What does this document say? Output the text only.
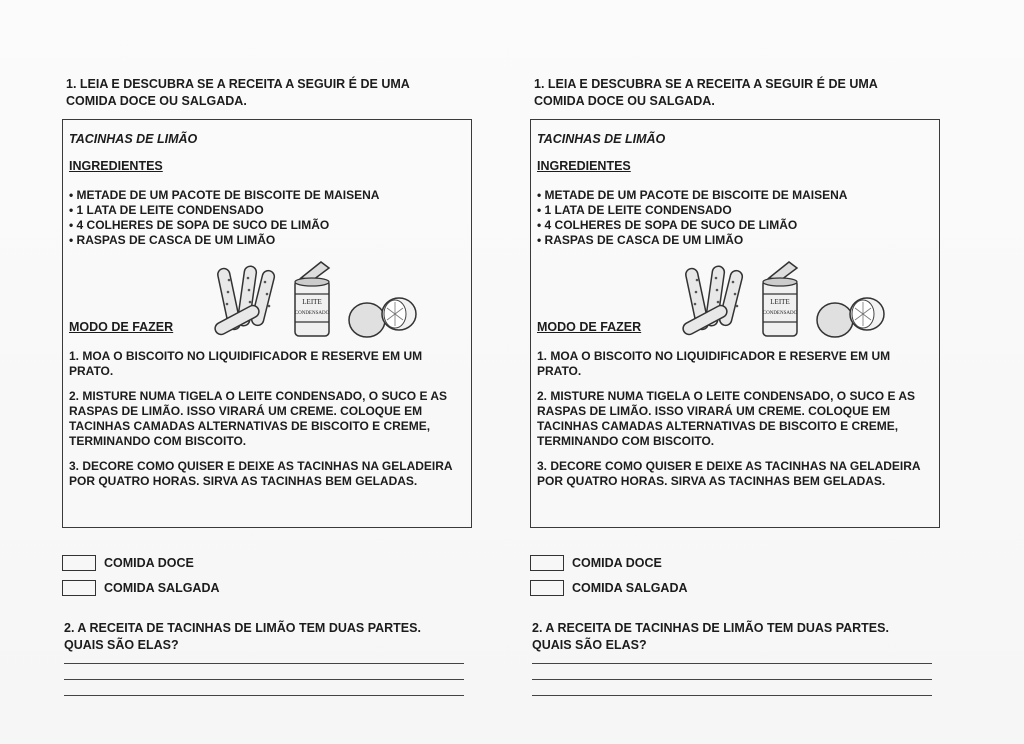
1. LEIA E DESCUBRA SE A RECEITA A SEGUIR É DE UMA COMIDA DOCE OU SALGADA.

TACINHAS DE LIMÃO
INGREDIENTES
• METADE DE UM PACOTE DE BISCOITE DE MAISENA
• 1 LATA DE LEITE CONDENSADO
• 4 COLHERES DE SOPA DE SUCO DE LIMÃO
• RASPAS DE CASCA DE UM LIMÃO
LEITE
CONDENSADO
MODO DE FAZER

1. MOA O BISCOITO NO LIQUIDIFICADOR E RESERVE EM UM PRATO.

2. MISTURE NUMA TIGELA O LEITE CONDENSADO, O SUCO E AS RASPAS DE LIMÃO. ISSO VIRARÁ UM CREME. COLOQUE EM TACINHAS CAMADAS ALTERNATIVAS DE BISCOITO E CREME, TERMINANDO COM BISCOITO.

3. DECORE COMO QUISER E DEIXE AS TACINHAS NA GELADEIRA POR QUATRO HORAS. SIRVA AS TACINHAS BEM GELADAS.

COMIDA DOCE
COMIDA SALGADA

2. A RECEITA DE TACINHAS DE LIMÃO TEM DUAS PARTES. QUAIS SÃO ELAS?

1. LEIA E DESCUBRA SE A RECEITA A SEGUIR É DE UMA COMIDA DOCE OU SALGADA.

TACINHAS DE LIMÃO
INGREDIENTES
• METADE DE UM PACOTE DE BISCOITE DE MAISENA
• 1 LATA DE LEITE CONDENSADO
• 4 COLHERES DE SOPA DE SUCO DE LIMÃO
• RASPAS DE CASCA DE UM LIMÃO
LEITE
CONDENSADO
MODO DE FAZER

1. MOA O BISCOITO NO LIQUIDIFICADOR E RESERVE EM UM PRATO.

2. MISTURE NUMA TIGELA O LEITE CONDENSADO, O SUCO E AS RASPAS DE LIMÃO. ISSO VIRARÁ UM CREME. COLOQUE EM TACINHAS CAMADAS ALTERNATIVAS DE BISCOITO E CREME, TERMINANDO COM BISCOITO.

3. DECORE COMO QUISER E DEIXE AS TACINHAS NA GELADEIRA POR QUATRO HORAS. SIRVA AS TACINHAS BEM GELADAS.

COMIDA DOCE
COMIDA SALGADA

2. A RECEITA DE TACINHAS DE LIMÃO TEM DUAS PARTES. QUAIS SÃO ELAS?
